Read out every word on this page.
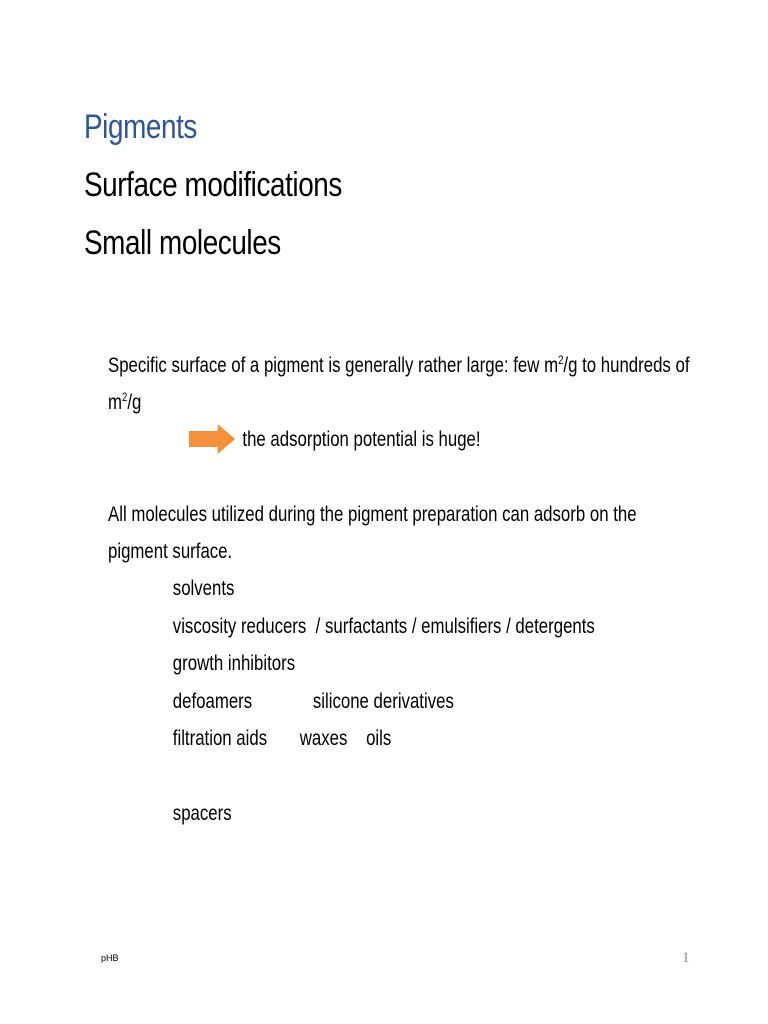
Pigments
Surface modifications
Small molecules
Specific surface of a pigment is generally rather large: few $m^2/g$ to hundreds of
$m^2/g$
the adsorption potential is huge!
All molecules utilized during the pigment preparation can adsorb on the
pigment surface.
solvents
viscosity reducers  / surfactants / emulsifiers / detergents
growth inhibitors
defoamers             silicone derivatives
filtration aids       waxes    oils
spacers
pHB	1
